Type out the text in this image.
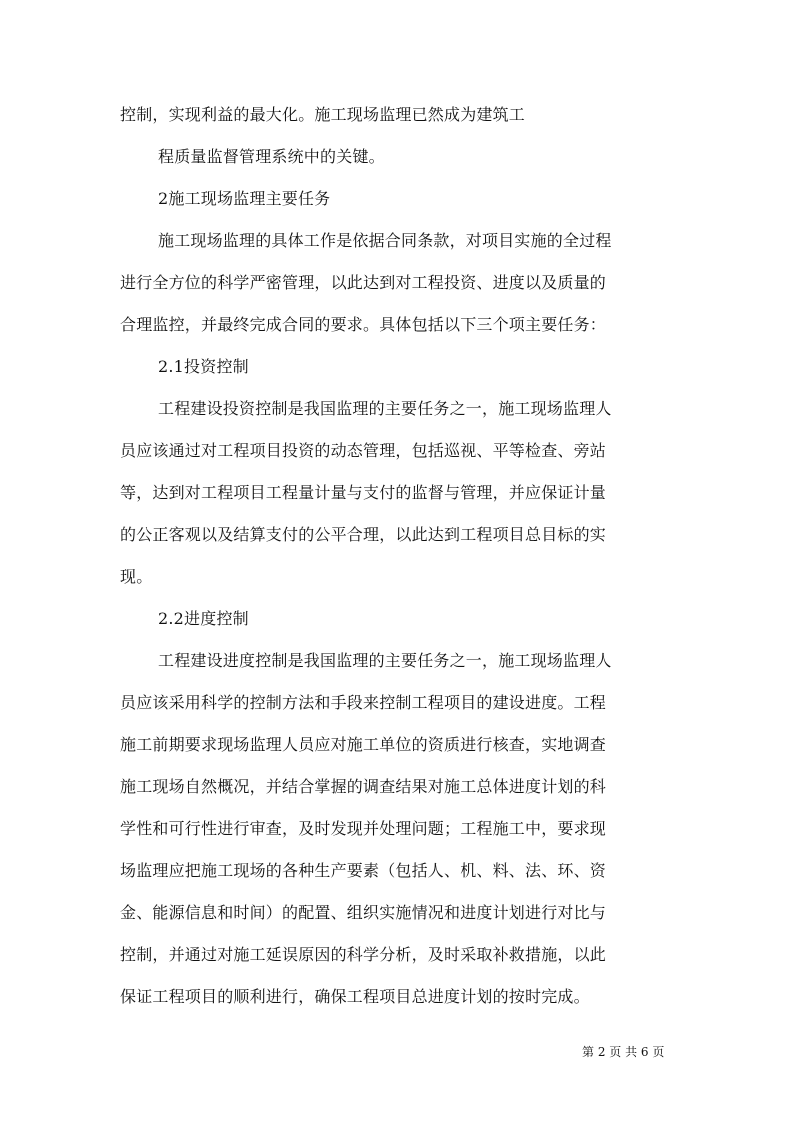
控制，实现利益的最大化。施工现场监理已然成为建筑工
程质量监督管理系统中的关键。
2施工现场监理主要任务
施工现场监理的具体工作是依据合同条款，对项目实施的全过程
进行全方位的科学严密管理，以此达到对工程投资、进度以及质量的
合理监控，并最终完成合同的要求。具体包括以下三个项主要任务：
2.1投资控制
工程建设投资控制是我国监理的主要任务之一，施工现场监理人
员应该通过对工程项目投资的动态管理，包括巡视、平等检查、旁站
等，达到对工程项目工程量计量与支付的监督与管理，并应保证计量
的公正客观以及结算支付的公平合理，以此达到工程项目总目标的实
现。
2.2进度控制
工程建设进度控制是我国监理的主要任务之一，施工现场监理人
员应该采用科学的控制方法和手段来控制工程项目的建设进度。工程
施工前期要求现场监理人员应对施工单位的资质进行核查，实地调查
施工现场自然概况，并结合掌握的调查结果对施工总体进度计划的科
学性和可行性进行审查，及时发现并处理问题；工程施工中，要求现
场监理应把施工现场的各种生产要素（包括人、机、料、法、环、资
金、能源信息和时间）的配置、组织实施情况和进度计划进行对比与
控制，并通过对施工延误原因的科学分析，及时采取补救措施，以此
保证工程项目的顺利进行，确保工程项目总进度计划的按时完成。
第 2 页 共 6 页
